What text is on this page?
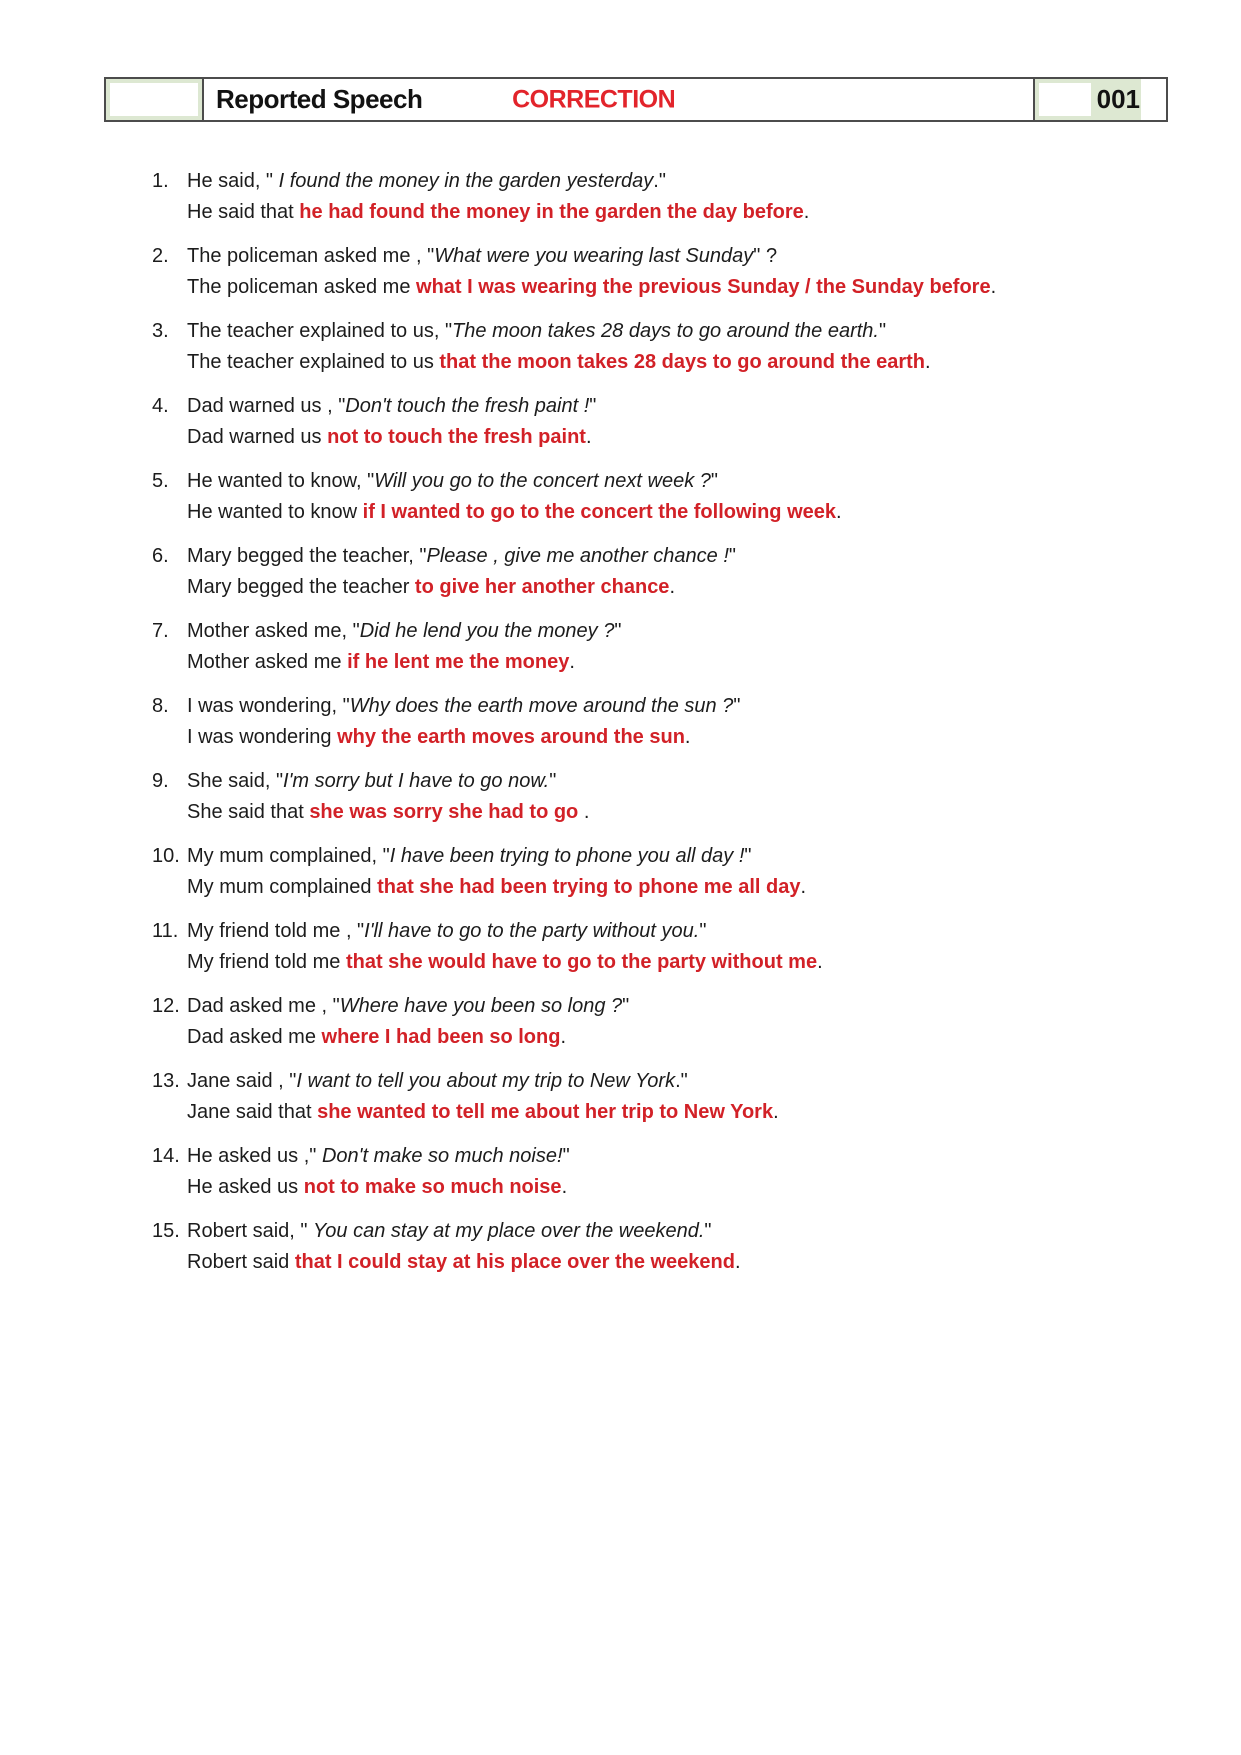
Reported Speech	CORRECTION	001
1. He said, " I found the money in the garden yesterday."
He said that he had found the money in the garden the day before.
2. The policeman asked me , "What were you wearing last Sunday" ?
The policeman asked me what I was wearing the previous Sunday / the Sunday before.
3. The teacher explained to us, "The moon takes 28 days to go around the earth."
The teacher explained to us that the moon takes 28 days to go around the earth.
4. Dad warned us , "Don't touch the fresh paint !"
Dad warned us not to touch the fresh paint.
5. He wanted to know, "Will you go to the concert next week ?"
He wanted to know if I wanted to go to the concert the following week.
6. Mary begged the teacher, "Please , give me another chance !"
Mary begged the teacher to give her another chance.
7. Mother asked me, "Did he lend you the money ?"
Mother asked me if he lent me the money.
8. I was wondering, "Why does the earth move around the sun ?"
I was wondering why the earth moves around the sun.
9. She said, "I'm sorry but I have to go now."
She said that she was sorry she had to go .
10. My mum complained, "I have been trying to phone you all day !"
My mum complained that she had been trying to phone me all day.
11. My friend told me , "I'll have to go to the party without you."
My friend told me that she would have to go to the party without me.
12. Dad asked me , "Where have you been so long ?"
Dad asked me where I had been so long.
13. Jane said , "I want to tell you about my trip to New York."
Jane said that she wanted to tell me about her trip to New York.
14. He asked us ," Don't make so much noise!"
He asked us not to make so much noise.
15. Robert said, " You can stay at my place over the weekend."
Robert said that I could stay at his place over the weekend.
